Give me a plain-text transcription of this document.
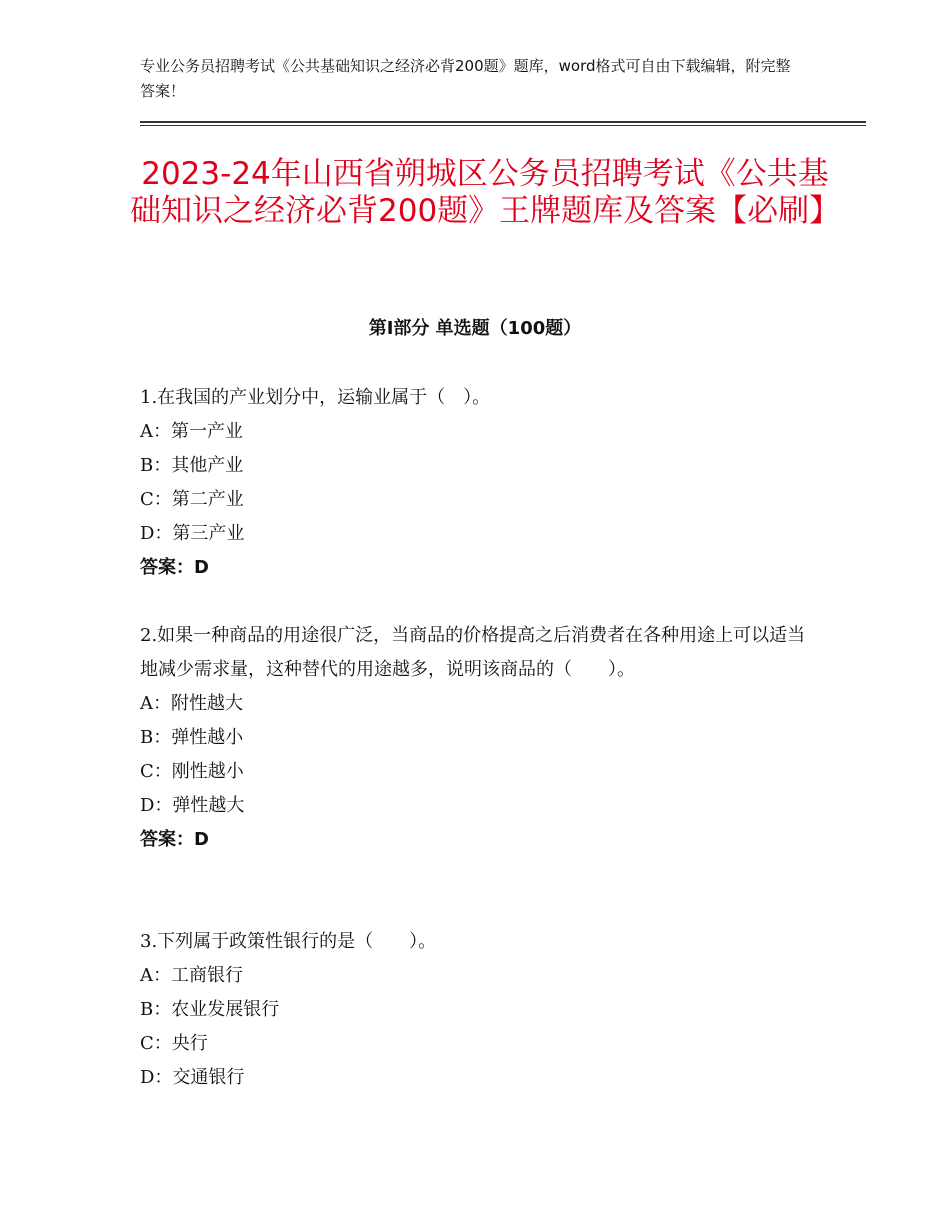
专业公务员招聘考试《公共基础知识之经济必背200题》题库，word格式可自由下载编辑，附完整答案！
2023-24年山西省朔城区公务员招聘考试《公共基础知识之经济必背200题》王牌题库及答案【必刷】
第Ⅰ部分 单选题（100题）

1.在我国的产业划分中，运输业属于（　）。

A：第一产业

B：其他产业

C：第二产业

D：第三产业

答案：D

2.如果一种商品的用途很广泛，当商品的价格提高之后消费者在各种用途上可以适当地减少需求量，这种替代的用途越多，说明该商品的（　　）。

A：附性越大

B：弹性越小

C：刚性越小

D：弹性越大

答案：D

3.下列属于政策性银行的是（　　）。

A：工商银行

B：农业发展银行

C：央行

D：交通银行
